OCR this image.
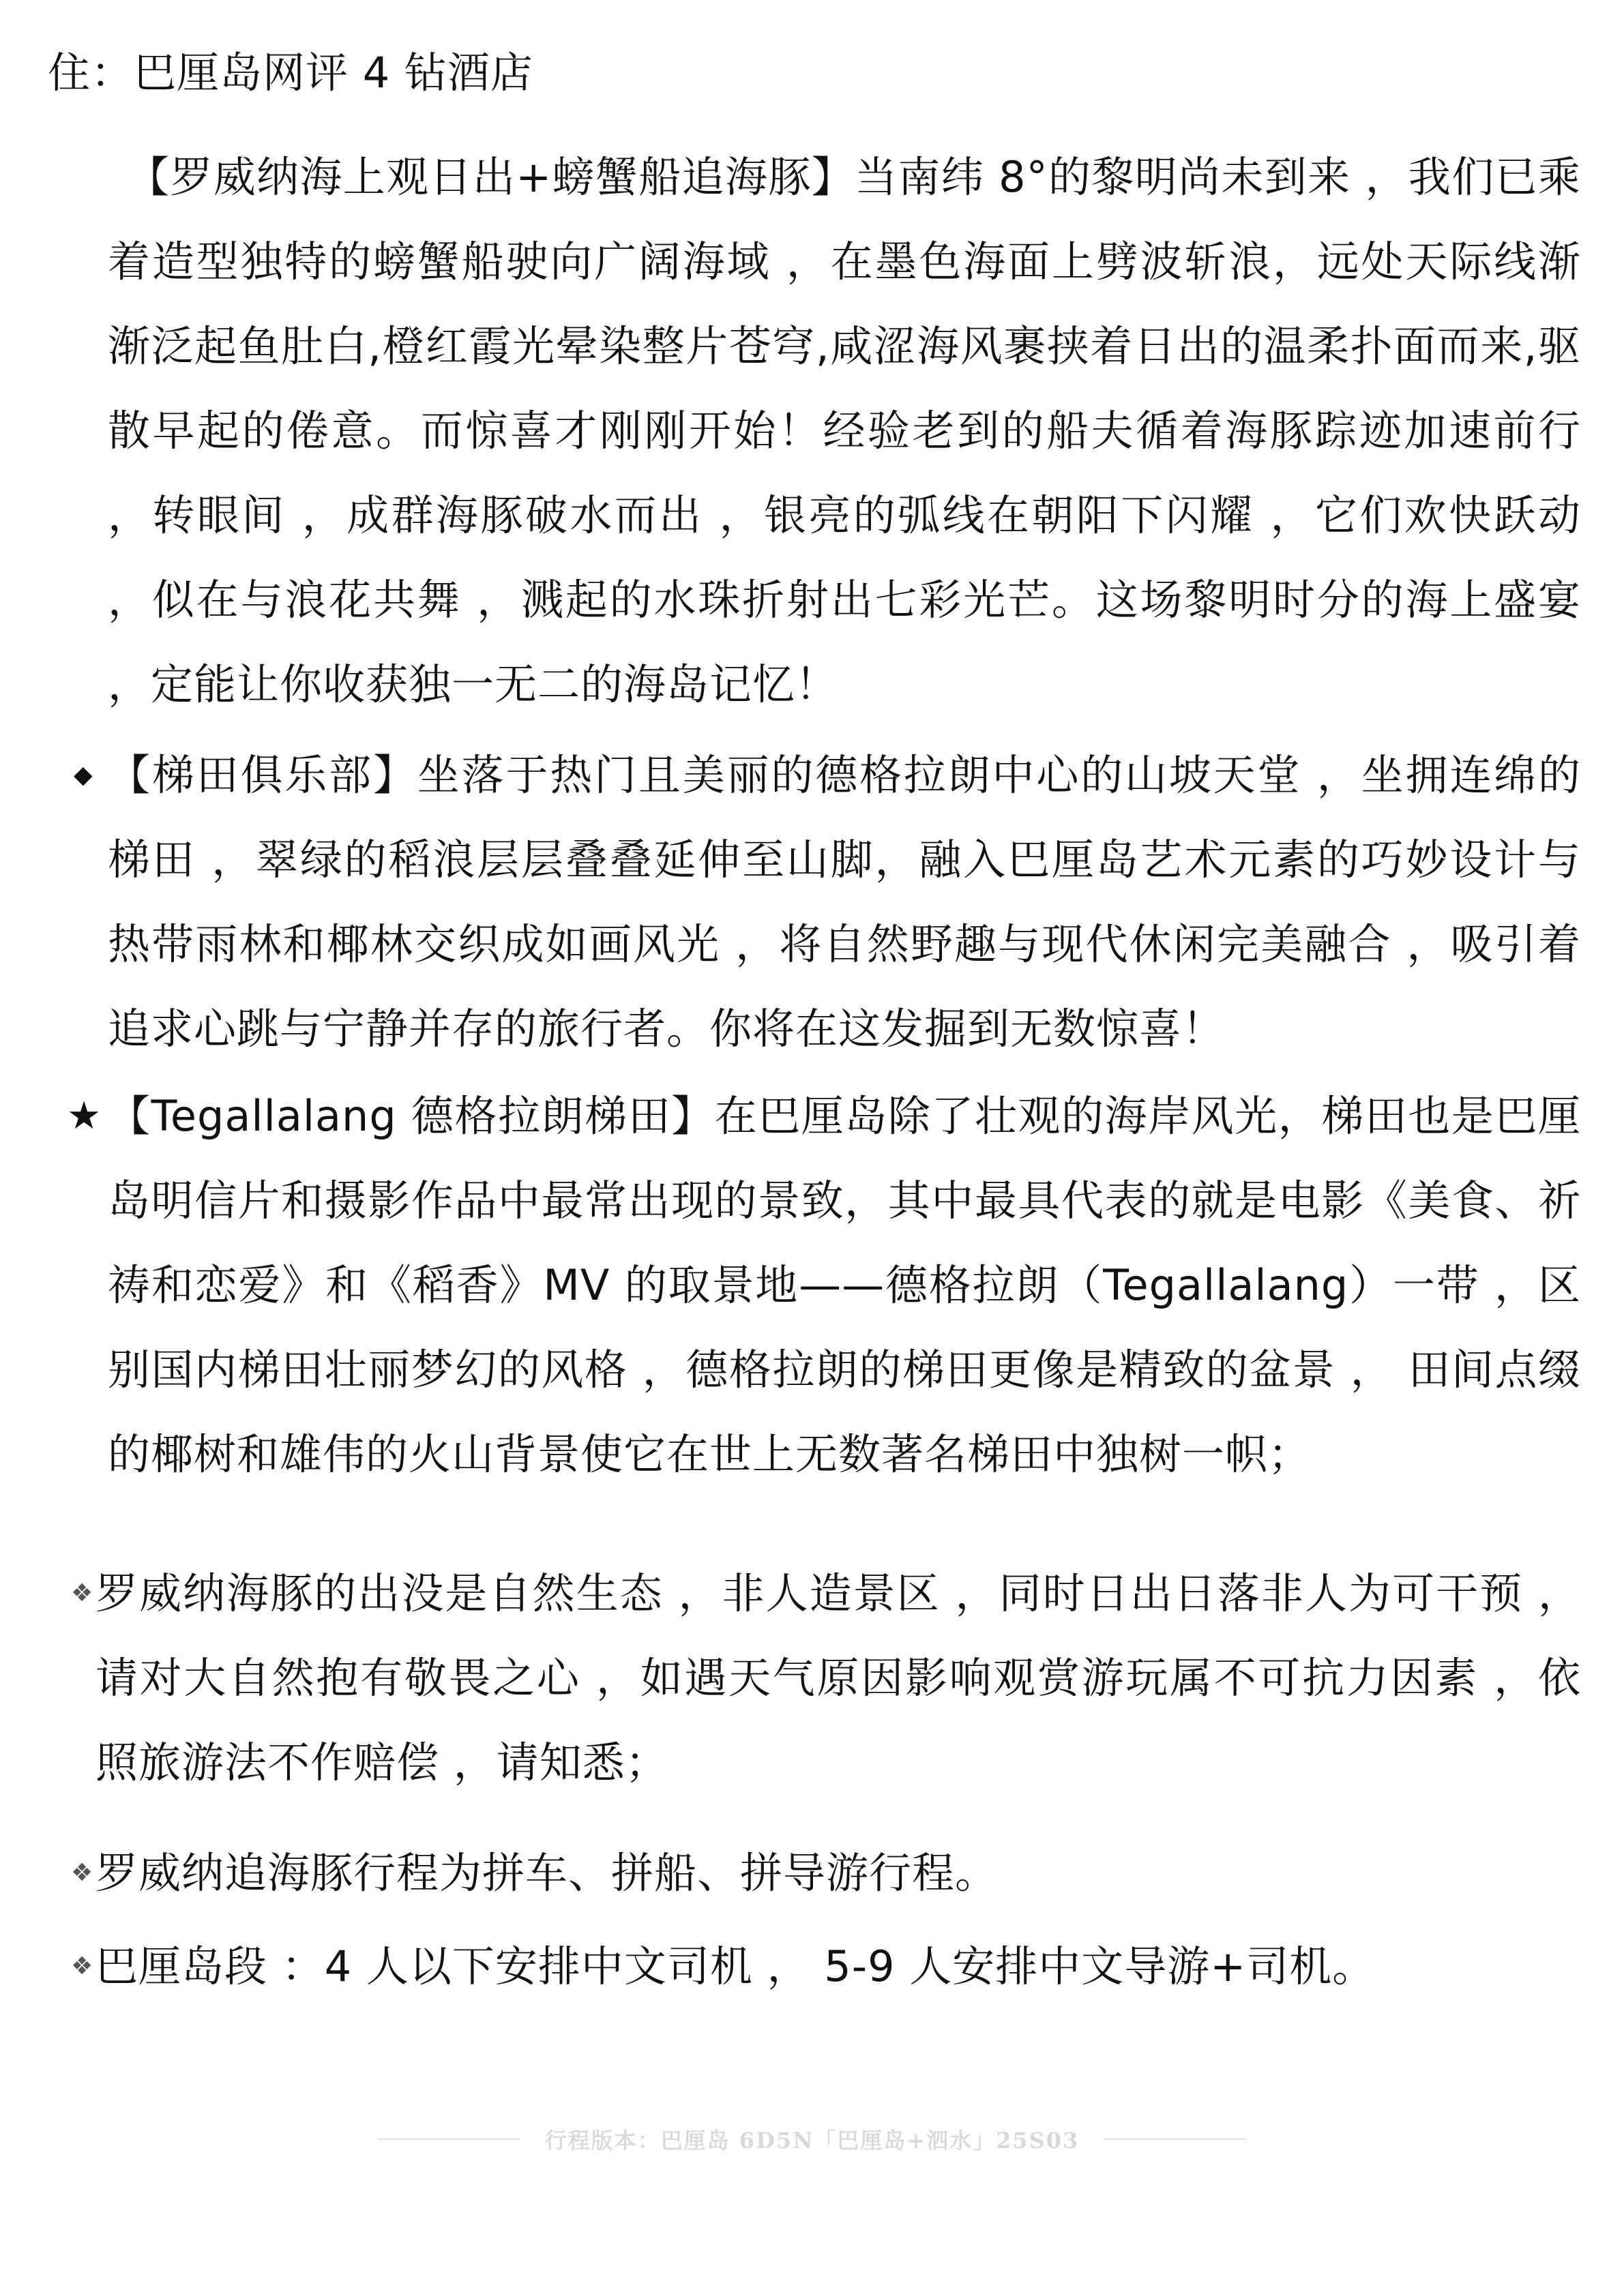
住：巴厘岛网评 4 钻酒店
【罗威纳海上观日出+螃蟹船追海豚】当南纬 8°的黎明尚未到来 ，我们已乘着造型独特的螃蟹船驶向广阔海域 ，在墨色海面上劈波斩浪，远处天际线渐渐泛起鱼肚白,橙红霞光晕染整片苍穹,咸涩海风裹挟着日出的温柔扑面而来,驱散早起的倦意。而惊喜才刚刚开始！经验老到的船夫循着海豚踪迹加速前行 ，转眼间 ，成群海豚破水而出 ，银亮的弧线在朝阳下闪耀 ，它们欢快跃动 ，似在与浪花共舞 ，溅起的水珠折射出七彩光芒。这场黎明时分的海上盛宴 ，定能让你收获独一无二的海岛记忆！
◆ 【梯田俱乐部】坐落于热门且美丽的德格拉朗中心的山坡天堂 ，坐拥连绵的梯田 ，翠绿的稻浪层层叠叠延伸至山脚，融入巴厘岛艺术元素的巧妙设计与热带雨林和椰林交织成如画风光 ，将自然野趣与现代休闲完美融合 ，吸引着追求心跳与宁静并存的旅行者。你将在这发掘到无数惊喜！
★ 【Tegallalang 德格拉朗梯田】在巴厘岛除了壮观的海岸风光，梯田也是巴厘岛明信片和摄影作品中最常出现的景致，其中最具代表的就是电影《美食、祈祷和恋爱》和《稻香》MV 的取景地——德格拉朗（Tegallalang）一带 ，区别国内梯田壮丽梦幻的风格 ，德格拉朗的梯田更像是精致的盆景 ， 田间点缀的椰树和雄伟的火山背景使它在世上无数著名梯田中独树一帜；
❖ 罗威纳海豚的出没是自然生态 ，非人造景区 ，同时日出日落非人为可干预 ，请对大自然抱有敬畏之心 ，如遇天气原因影响观赏游玩属不可抗力因素 ，依照旅游法不作赔偿 ，请知悉；
❖ 罗威纳追海豚行程为拼车、拼船、拼导游行程。
❖ 巴厘岛段 ：4 人以下安排中文司机 ， 5-9 人安排中文导游+司机。
行程版本：巴厘岛 6D5N「巴厘岛+泗水」25S03
